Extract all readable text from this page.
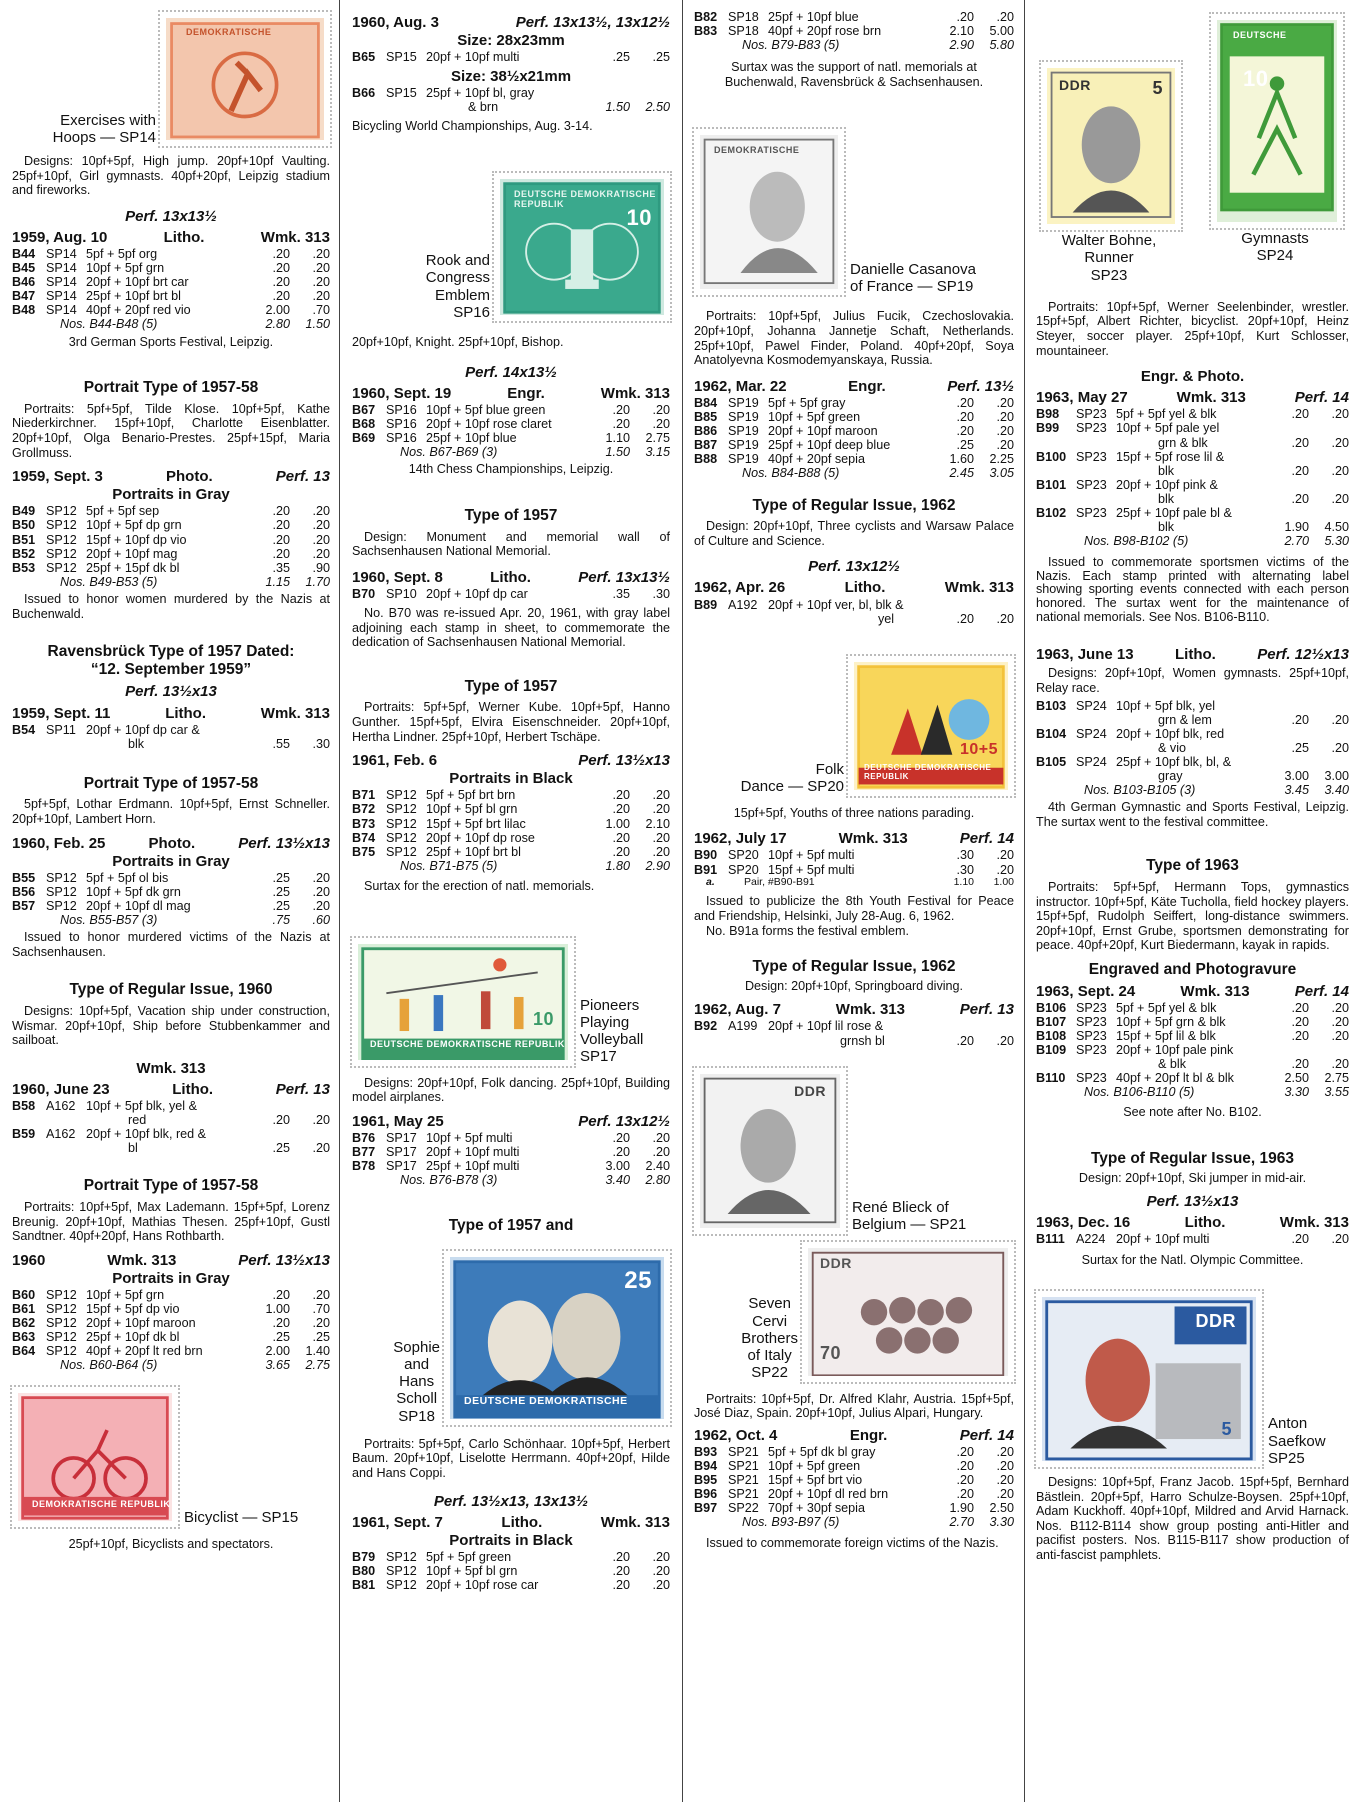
Exercises with
Hoops — SP14
DEMOKRATISCHE

Designs: 10pf+5pf, High jump. 20pf+10pf Vaulting. 25pf+10pf, Girl gymnasts. 40pf+20pf, Leipzig stadium and fireworks.

Perf. 13x13½
1959, Aug. 10	Litho.	Wmk. 313
B44 SP14 5pf + 5pf org	.20	.20
B45 SP14 10pf + 5pf grn	.20	.20
B46 SP14 20pf + 10pf brt car	.20	.20
B47 SP14 25pf + 10pf brt bl	.20	.20
B48 SP14 40pf + 20pf red vio	2.00	.70
Nos. B44-B48 (5)	2.80	1.50

3rd German Sports Festival, Leipzig.

Portrait Type of 1957-58

Portraits: 5pf+5pf, Tilde Klose. 10pf+5pf, Kathe Niederkirchner. 15pf+10pf, Charlotte Eisenblatter. 20pf+10pf, Olga Benario-Prestes. 25pf+15pf, Maria Grollmuss.

1959, Sept. 3	Photo.	Perf. 13
Portraits in Gray
B49 SP12 5pf + 5pf sep	.20	.20
B50 SP12 10pf + 5pf dp grn	.20	.20
B51 SP12 15pf + 10pf dp vio	.20	.20
B52 SP12 20pf + 10pf mag	.20	.20
B53 SP12 25pf + 15pf dk bl	.35	.90
Nos. B49-B53 (5)	1.15	1.70

Issued to honor women murdered by the Nazis at Buchenwald.

Ravensbrück Type of 1957 Dated:
“12. September 1959”
Perf. 13½x13
1959, Sept. 11	Litho.	Wmk. 313
B54 SP11 20pf + 10pf dp car &
blk	.55	.30
Portrait Type of 1957-58

5pf+5pf, Lothar Erdmann. 10pf+5pf, Ernst Schneller. 20pf+10pf, Lambert Horn.

1960, Feb. 25	Photo.	Perf. 13½x13
Portraits in Gray
B55 SP12 5pf + 5pf ol bis	.25	.20
B56 SP12 10pf + 5pf dk grn	.25	.20
B57 SP12 20pf + 10pf dl mag	.25	.20
Nos. B55-B57 (3)	.75	.60

Issued to honor murdered victims of the Nazis at Sachsenhausen.

Type of Regular Issue, 1960

Designs: 10pf+5pf, Vacation ship under construction, Wismar. 20pf+10pf, Ship before Stubbenkammer and sailboat.

Wmk. 313
1960, June 23	Litho.	Perf. 13
B58 A162 10pf + 5pf blk, yel &
red	.20	.20
B59 A162 20pf + 10pf blk, red &
bl	.25	.20
Portrait Type of 1957-58

Portraits: 10pf+5pf, Max Lademann. 15pf+5pf, Lorenz Breunig. 20pf+10pf, Mathias Thesen. 25pf+10pf, Gustl Sandtner. 40pf+20pf, Hans Rothbarth.

1960	Wmk. 313	Perf. 13½x13
Portraits in Gray
B60 SP12 10pf + 5pf grn	.20	.20
B61 SP12 15pf + 5pf dp vio	1.00	.70
B62 SP12 20pf + 10pf maroon	.20	.20
B63 SP12 25pf + 10pf dk bl	.25	.25
B64 SP12 40pf + 20pf lt red brn	2.00	1.40
Nos. B60-B64 (5)	3.65	2.75
DEMOKRATISCHE REPUBLIK
Bicyclist — SP15

25pf+10pf, Bicyclists and spectators.

1960, Aug. 3	Perf. 13x13½, 13x12½
Size: 28x23mm
B65 SP15 20pf + 10pf multi	.25	.25
Size: 38½x21mm
B66 SP15 25pf + 10pf bl, gray
& brn	1.50	2.50

Bicycling World Championships, Aug. 3-14.

Rook and
Congress
Emblem
SP16
DEUTSCHE DEMOKRATISCHE REPUBLIK
10

20pf+10pf, Knight. 25pf+10pf, Bishop.

Perf. 14x13½
1960, Sept. 19	Engr.	Wmk. 313
B67 SP16 10pf + 5pf blue green	.20	.20
B68 SP16 20pf + 10pf rose claret	.20	.20
B69 SP16 25pf + 10pf blue	1.10	2.75
Nos. B67-B69 (3)	1.50	3.15

14th Chess Championships, Leipzig.

Type of 1957

Design: Monument and memorial wall of Sachsenhausen National Memorial.

1960, Sept. 8	Litho.	Perf. 13x13½
B70 SP10 20pf + 10pf dp car	.35	.30

No. B70 was re-issued Apr. 20, 1961, with gray label adjoining each stamp in sheet, to commemorate the dedication of Sachsenhausen National Memorial.

Type of 1957

Portraits: 5pf+5pf, Werner Kube. 10pf+5pf, Hanno Gunther. 15pf+5pf, Elvira Eisenschneider. 20pf+10pf, Hertha Lindner. 25pf+10pf, Herbert Tschäpe.

1961, Feb. 6	Perf. 13½x13
Portraits in Black
B71 SP12 5pf + 5pf brt brn	.20	.20
B72 SP12 10pf + 5pf bl grn	.20	.20
B73 SP12 15pf + 5pf brt lilac	1.00	2.10
B74 SP12 20pf + 10pf dp rose	.20	.20
B75 SP12 25pf + 10pf brt bl	.20	.20
Nos. B71-B75 (5)	1.80	2.90

Surtax for the erection of natl. memorials.

DEUTSCHE DEMOKRATISCHE REPUBLIK
10
Pioneers
Playing
Volleyball
SP17

Designs: 20pf+10pf, Folk dancing. 25pf+10pf, Building model airplanes.

1961, May 25	Perf. 13x12½
B76 SP17 10pf + 5pf multi	.20	.20
B77 SP17 20pf + 10pf multi	.20	.20
B78 SP17 25pf + 10pf multi	3.00	2.40
Nos. B76-B78 (3)	3.40	2.80
Type of 1957 and
Sophie
and
Hans
Scholl
SP18
DEUTSCHE DEMOKRATISCHE
25

Portraits: 5pf+5pf, Carlo Schönhaar. 10pf+5pf, Herbert Baum. 20pf+10pf, Liselotte Herrmann. 40pf+20pf, Hilde and Hans Coppi.

Perf. 13½x13, 13x13½
1961, Sept. 7	Litho.	Wmk. 313
Portraits in Black
B79 SP12 5pf + 5pf green	.20	.20
B80 SP12 10pf + 5pf bl grn	.20	.20
B81 SP12 20pf + 10pf rose car	.20	.20
B82 SP18 25pf + 10pf blue	.20	.20
B83 SP18 40pf + 20pf rose brn	2.10	5.00
Nos. B79-B83 (5)	2.90	5.80

Surtax was the support of natl. memorials at Buchenwald, Ravensbrück & Sachsenhausen.

DEMOKRATISCHE
Danielle Casanova
of France — SP19

Portraits: 10pf+5pf, Julius Fucik, Czechoslovakia. 20pf+10pf, Johanna Jannetje Schaft, Netherlands. 25pf+10pf, Pawel Finder, Poland. 40pf+20pf, Soya Anatolyevna Kosmodemyanskaya, Russia.

1962, Mar. 22	Engr.	Perf. 13½
B84 SP19 5pf + 5pf gray	.20	.20
B85 SP19 10pf + 5pf green	.20	.20
B86 SP19 20pf + 10pf maroon	.20	.20
B87 SP19 25pf + 10pf deep blue	.25	.20
B88 SP19 40pf + 20pf sepia	1.60	2.25
Nos. B84-B88 (5)	2.45	3.05
Type of Regular Issue, 1962

Design: 20pf+10pf, Three cyclists and Warsaw Palace of Culture and Science.

Perf. 13x12½
1962, Apr. 26	Litho.	Wmk. 313
B89 A192 20pf + 10pf ver, bl, blk &
yel	.20	.20
Folk
Dance — SP20
DEUTSCHE DEMOKRATISCHE REPUBLIK
10+5

15pf+5pf, Youths of three nations parading.

1962, July 17	Wmk. 313	Perf. 14
B90 SP20 10pf + 5pf multi	.30	.20
B91 SP20 15pf + 5pf multi	.30	.20
a.	Pair, #B90-B91	1.10	1.00

Issued to publicize the 8th Youth Festival for Peace and Friendship, Helsinki, July 28-Aug. 6, 1962.

No. B91a forms the festival emblem.

Type of Regular Issue, 1962

Design: 20pf+10pf, Springboard diving.

1962, Aug. 7	Wmk. 313	Perf. 13
B92 A199 20pf + 10pf lil rose &
grnsh bl	.20	.20
DDR
René Blieck of
Belgium — SP21
Seven
Cervi
Brothers
of Italy
SP22
DDR
70

Portraits: 10pf+5pf, Dr. Alfred Klahr, Austria. 15pf+5pf, José Diaz, Spain. 20pf+10pf, Julius Alpari, Hungary.

1962, Oct. 4	Engr.	Perf. 14
B93 SP21 5pf + 5pf dk bl gray	.20	.20
B94 SP21 10pf + 5pf green	.20	.20
B95 SP21 15pf + 5pf brt vio	.20	.20
B96 SP21 20pf + 10pf dl red brn	.20	.20
B97 SP22 70pf + 30pf sepia	1.90	2.50
Nos. B93-B97 (5)	2.70	3.30

Issued to commemorate foreign victims of the Nazis.

DDR	5
Walter Bohne,
Runner
SP23
DEUTSCHE
10
Gymnasts
SP24

Portraits: 10pf+5pf, Werner Seelenbinder, wrestler. 15pf+5pf, Albert Richter, bicyclist. 20pf+10pf, Heinz Steyer, soccer player. 25pf+10pf, Kurt Schlosser, mountaineer.

Engr. & Photo.
1963, May 27	Wmk. 313	Perf. 14
B98	SP23 5pf + 5pf yel & blk	.20	.20
B99	SP23 10pf + 5pf pale yel
grn & blk	.20	.20
B100 SP23 15pf + 5pf rose lil &
blk	.20	.20
B101 SP23 20pf + 10pf pink &
blk	.20	.20
B102 SP23 25pf + 10pf pale bl &
blk	1.90	4.50
Nos. B98-B102 (5)	2.70	5.30

Issued to commemorate sportsmen victims of the Nazis. Each stamp printed with alternating label showing sporting events connected with each person honored. The surtax went for the maintenance of national memorials. See Nos. B106-B110.

1963, June 13	Litho.	Perf. 12½x13

Designs: 20pf+10pf, Women gymnasts. 25pf+10pf, Relay race.

B103 SP24 10pf + 5pf blk, yel
grn & lem	.20	.20
B104 SP24 20pf + 10pf blk, red
& vio	.25	.20
B105 SP24 25pf + 10pf blk, bl, &
gray	3.00	3.00
Nos. B103-B105 (3)	3.45	3.40

4th German Gymnastic and Sports Festival, Leipzig. The surtax went to the festival committee.

Type of 1963

Portraits: 5pf+5pf, Hermann Tops, gymnastics instructor. 10pf+5pf, Käte Tucholla, field hockey players. 15pf+5pf, Rudolph Seiffert, long-distance swimmers. 20pf+10pf, Ernst Grube, sportsmen demonstrating for peace. 40pf+20pf, Kurt Biedermann, kayak in rapids.

Engraved and Photogravure
1963, Sept. 24	Wmk. 313	Perf. 14
B106 SP23 5pf + 5pf yel & blk	.20	.20
B107 SP23 10pf + 5pf grn & blk	.20	.20
B108 SP23 15pf + 5pf lil & blk	.20	.20
B109 SP23 20pf + 10pf pale pink
& blk	.20	.20
B110 SP23 40pf + 20pf lt bl & blk	2.50	2.75
Nos. B106-B110 (5)	3.30	3.55

See note after No. B102.

Type of Regular Issue, 1963

Design: 20pf+10pf, Ski jumper in mid-air.

Perf. 13½x13
1963, Dec. 16	Litho.	Wmk. 313
B111 A224 20pf + 10pf multi	.20	.20

Surtax for the Natl. Olympic Committee.

DDR
5 Anton
Saefkow
SP25

Designs: 10pf+5pf, Franz Jacob. 15pf+5pf, Bernhard Bästlein. 20pf+5pf, Harro Schulze-Boysen. 25pf+10pf, Adam Kuckhoff. 40pf+10pf, Mildred and Arvid Harnack. Nos. B112-B114 show group posting anti-Hitler and pacifist posters. Nos. B115-B117 show production of anti-fascist pamphlets.
